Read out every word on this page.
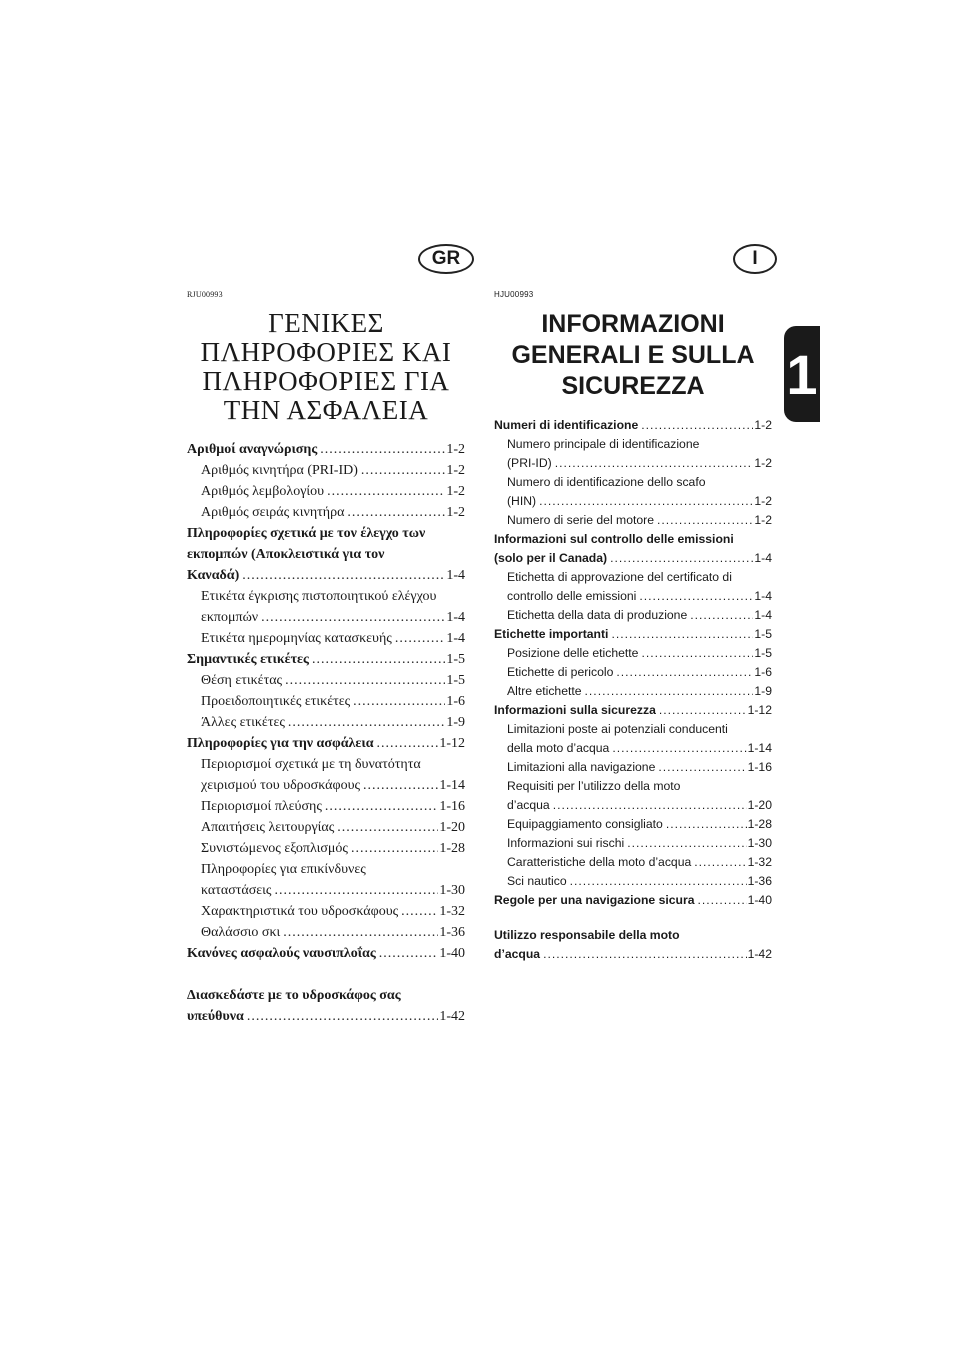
GR	I
1
RJU00993
ΓΕΝΙΚΕΣ
ΠΛΗΡΟΦΟΡΙΕΣ ΚΑΙ
ΠΛΗΡΟΦΟΡΙΕΣ ΓΙΑ
ΤΗΝ ΑΣΦΑΛΕΙΑ
Αριθμοί αναγνώρισης .....	1-2
Αριθμός κινητήρα (PRI-ID) .....	1-2
Αριθμός λεμβολογίου .....	1-2
Αριθμός σειράς κινητήρα .....	1-2
Πληροφορίες σχετικά με τον έλεγχο των
εκπομπών (Αποκλειστικά για τον
Καναδά) .....	1-4
Ετικέτα έγκρισης πιστοποιητικού ελέγχου
εκπομπών .....	1-4
Ετικέτα ημερομηνίας κατασκευής .....	1-4
Σημαντικές ετικέτες .....	1-5
Θέση ετικέτας .....	1-5
Προειδοποιητικές ετικέτες .....	1-6
Άλλες ετικέτες .....	1-9
Πληροφορίες για την ασφάλεια .....	1-12
Περιορισμοί σχετικά με τη δυνατότητα
χειρισμού του υδροσκάφους .....	1-14
Περιορισμοί πλεύσης .....	1-16
Απαιτήσεις λειτουργίας .....	1-20
Συνιστώμενος εξοπλισμός .....	1-28
Πληροφορίες για επικίνδυνες
καταστάσεις .....	1-30
Χαρακτηριστικά του υδροσκάφους .....	1-32
Θαλάσσιο σκι .....	1-36
Κανόνες ασφαλούς ναυσιπλοΐας .....	1-40
Διασκεδάστε με το υδροσκάφος σας
υπεύθυνα .....	1-42
HJU00993
INFORMAZIONI
GENERALI E SULLA
SICUREZZA
Numeri di identificazione .....	1-2
Numero principale di identificazione
(PRI-ID) .....	1-2
Numero di identificazione dello scafo
(HIN) .....	1-2
Numero di serie del motore .....	1-2
Informazioni sul controllo delle emissioni
(solo per il Canada) .....	1-4
Etichetta di approvazione del certificato di
controllo delle emissioni .....	1-4
Etichetta della data di produzione .....	1-4
Etichette importanti .....	1-5
Posizione delle etichette .....	1-5
Etichette di pericolo .....	1-6
Altre etichette .....	1-9
Informazioni sulla sicurezza .....	1-12
Limitazioni poste ai potenziali conducenti
della moto d’acqua .....	1-14
Limitazioni alla navigazione .....	1-16
Requisiti per l’utilizzo della moto
d’acqua .....	1-20
Equipaggiamento consigliato .....	1-28
Informazioni sui rischi .....	1-30
Caratteristiche della moto d’acqua .....	1-32
Sci nautico .....	1-36
Regole per una navigazione sicura .....	1-40
Utilizzo responsabile della moto
d’acqua .....	1-42
